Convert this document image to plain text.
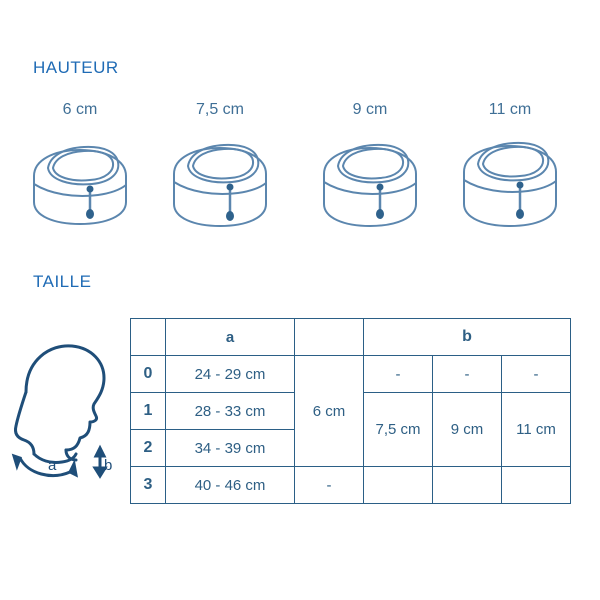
HAUTEUR
6 cm	7,5 cm	9 cm	11 cm
TAILLE
a	b
	a		b		
0	24 - 29 cm	6 cm	-	-	-
1	28 - 33 cm		7,5 cm	9 cm	11 cm
2	34 - 39 cm				
3	40 - 46 cm	-			
